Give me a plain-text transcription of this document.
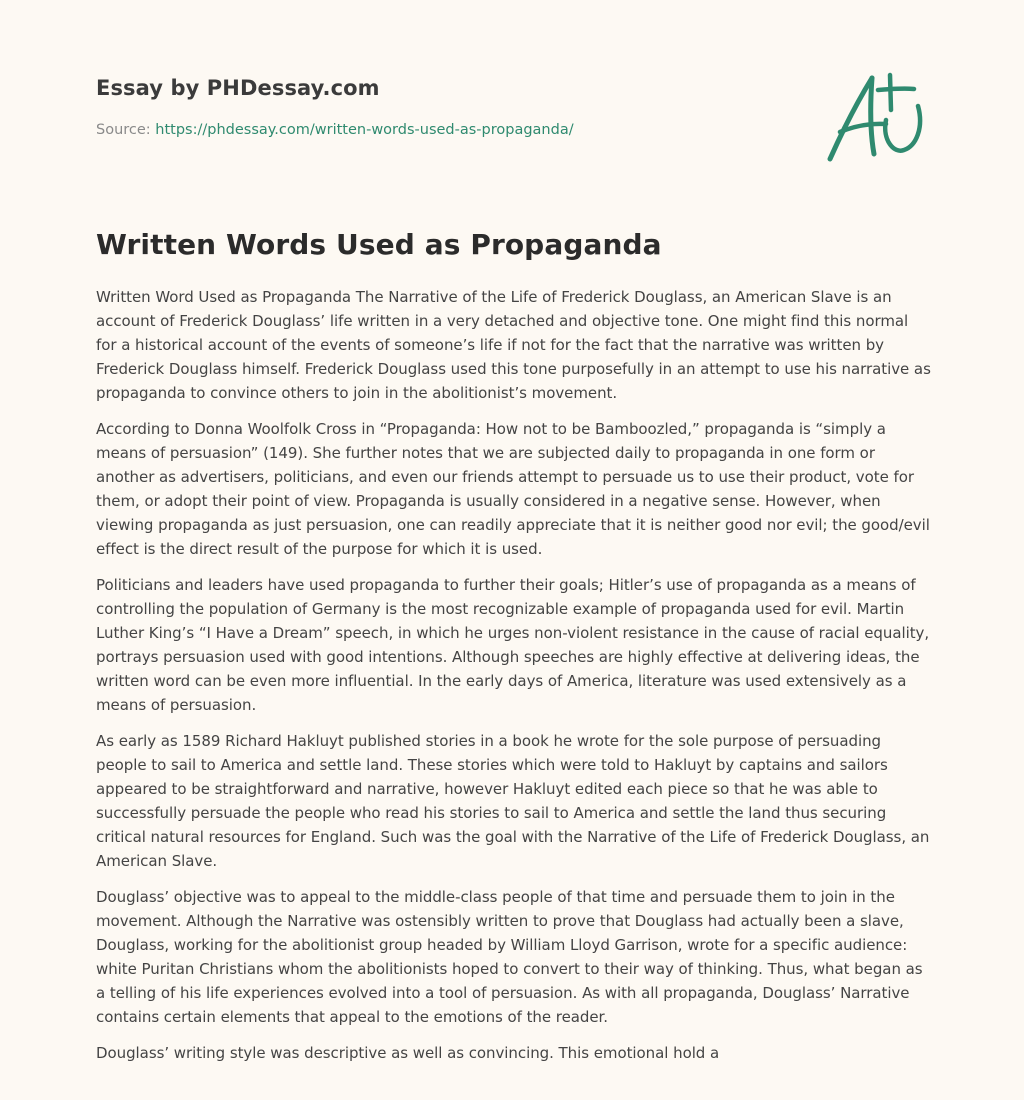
Essay by PHDessay.com
Source: https://phdessay.com/written-words-used-as-propaganda/
Written Words Used as Propaganda

Written Word Used as Propaganda The Narrative of the Life of Frederick Douglass, an American Slave is an account of Frederick Douglass’ life written in a very detached and objective tone. One might find this normal for a historical account of the events of someone’s life if not for the fact that the narrative was written by Frederick Douglass himself. Frederick Douglass used this tone purposefully in an attempt to use his narrative as propaganda to convince others to join in the abolitionist’s movement.

According to Donna Woolfolk Cross in “Propaganda: How not to be Bamboozled,” propaganda is “simply a means of persuasion” (149). She further notes that we are subjected daily to propaganda in one form or another as advertisers, politicians, and even our friends attempt to persuade us to use their product, vote for them, or adopt their point of view. Propaganda is usually considered in a negative sense. However, when viewing propaganda as just persuasion, one can readily appreciate that it is neither good nor evil; the good/evil effect is the direct result of the purpose for which it is used.

Politicians and leaders have used propaganda to further their goals; Hitler’s use of propaganda as a means of controlling the population of Germany is the most recognizable example of propaganda used for evil. Martin Luther King’s “I Have a Dream” speech, in which he urges non-violent resistance in the cause of racial equality, portrays persuasion used with good intentions. Although speeches are highly effective at delivering ideas, the written word can be even more influential. In the early days of America, literature was used extensively as a means of persuasion.

As early as 1589 Richard Hakluyt published stories in a book he wrote for the sole purpose of persuading people to sail to America and settle land. These stories which were told to Hakluyt by captains and sailors appeared to be straightforward and narrative, however Hakluyt edited each piece so that he was able to successfully persuade the people who read his stories to sail to America and settle the land thus securing critical natural resources for England. Such was the goal with the Narrative of the Life of Frederick Douglass, an American Slave.

Douglass’ objective was to appeal to the middle-class people of that time and persuade them to join in the movement. Although the Narrative was ostensibly written to prove that Douglass had actually been a slave, Douglass, working for the abolitionist group headed by William Lloyd Garrison, wrote for a specific audience: white Puritan Christians whom the abolitionists hoped to convert to their way of thinking. Thus, what began as a telling of his life experiences evolved into a tool of persuasion. As with all propaganda, Douglass’ Narrative contains certain elements that appeal to the emotions of the reader.

Douglass’ writing style was descriptive as well as convincing. This emotional hold a
